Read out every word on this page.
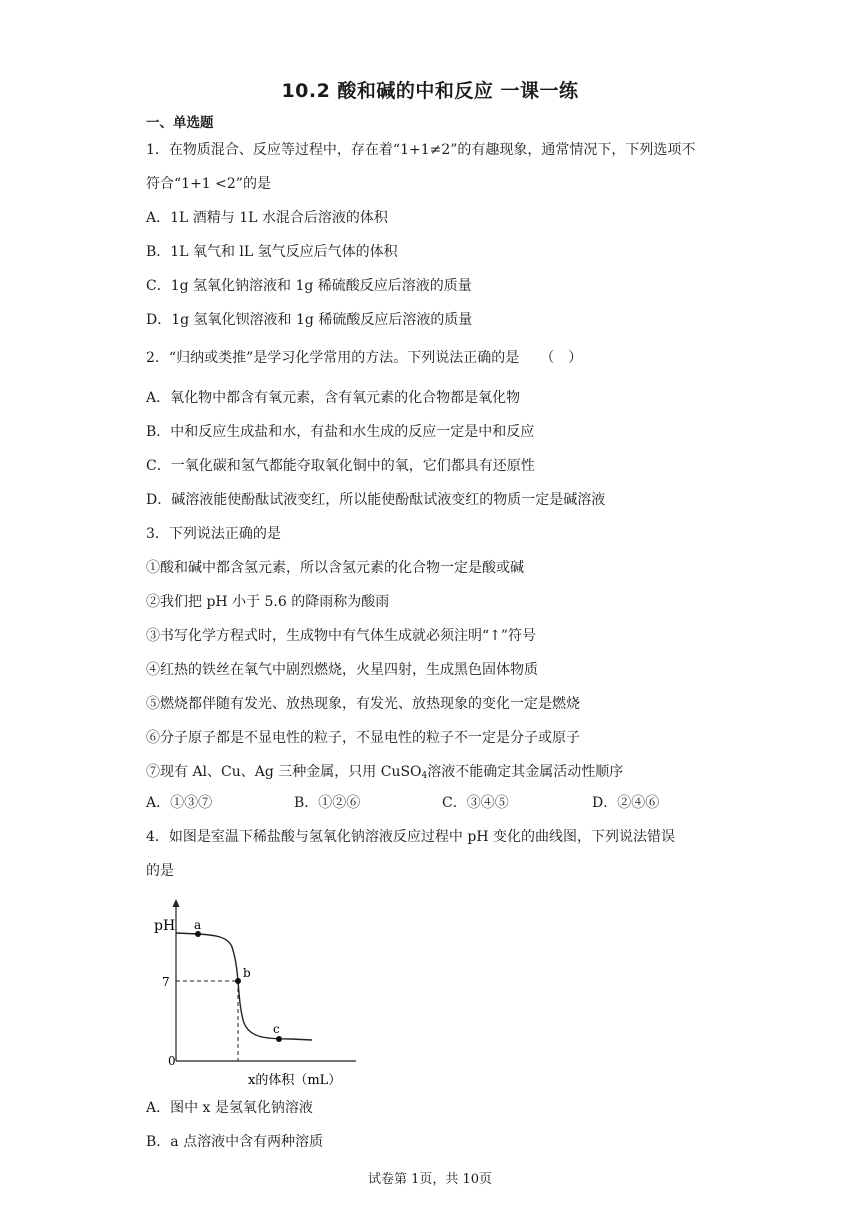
10.2 酸和碱的中和反应 一课一练
一、单选题
1．在物质混合、反应等过程中，存在着“1+1≠2”的有趣现象，通常情况下，下列选项不
符合“1+1 <2”的是
A．1L 酒精与 1L 水混合后溶液的体积
B．1L 氧气和 lL 氢气反应后气体的体积
C．1g 氢氧化钠溶液和 1g 稀硫酸反应后溶液的质量
D．1g 氢氧化钡溶液和 1g 稀硫酸反应后溶液的质量
2．“归纳或类推”是学习化学常用的方法。下列说法正确的是　　（　）
A．氧化物中都含有氧元素，含有氧元素的化合物都是氧化物
B．中和反应生成盐和水，有盐和水生成的反应一定是中和反应
C．一氧化碳和氢气都能夺取氧化铜中的氧，它们都具有还原性
D．碱溶液能使酚酞试液变红，所以能使酚酞试液变红的物质一定是碱溶液
3．下列说法正确的是
①酸和碱中都含氢元素，所以含氢元素的化合物一定是酸或碱
②我们把 pH 小于 5.6 的降雨称为酸雨
③书写化学方程式时，生成物中有气体生成就必须注明“↑”符号
④红热的铁丝在氧气中剧烈燃烧，火星四射，生成黑色固体物质
⑤燃烧都伴随有发光、放热现象，有发光、放热现象的变化一定是燃烧
⑥分子原子都是不显电性的粒子，不显电性的粒子不一定是分子或原子
⑦现有 Al、Cu、Ag 三种金属，只用 CuSO$_4$溶液不能确定其金属活动性顺序
A．①③⑦	B．①②⑥	C．③④⑤	D．②④⑥
4．如图是室温下稀盐酸与氢氧化钠溶液反应过程中 pH 变化的曲线图，下列说法错误
的是
pH
7
0
a
b
c
x的体积（mL）
A．图中 x 是氢氧化钠溶液
B．a 点溶液中含有两种溶质
试卷第 1页，共 10页
